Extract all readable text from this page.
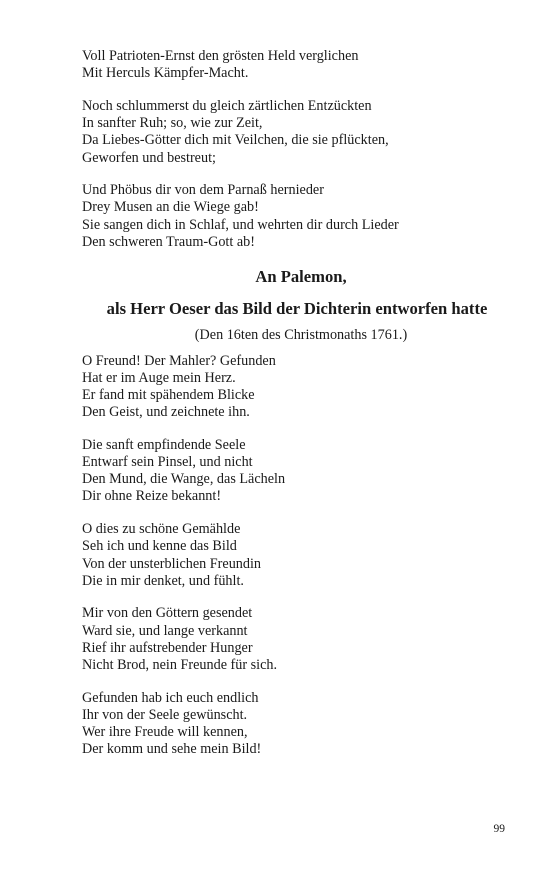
Voll Patrioten-Ernst den grösten Held verglichen
Mit Herculs Kämpfer-Macht.
Noch schlummerst du gleich zärtlichen Entzückten
In sanfter Ruh; so, wie zur Zeit,
Da Liebes-Götter dich mit Veilchen, die sie pflückten,
Geworfen und bestreut;
Und Phöbus dir von dem Parnaß hernieder
Drey Musen an die Wiege gab!
Sie sangen dich in Schlaf, und wehrten dir durch Lieder
Den schweren Traum-Gott ab!
An Palemon,
als Herr Oeser das Bild der Dichterin entworfen hatte
(Den 16ten des Christmonaths 1761.)
O Freund! Der Mahler? Gefunden
Hat er im Auge mein Herz.
Er fand mit spähendem Blicke
Den Geist, und zeichnete ihn.
Die sanft empfindende Seele
Entwarf sein Pinsel, und nicht
Den Mund, die Wange, das Lächeln
Dir ohne Reize bekannt!
O dies zu schöne Gemählde
Seh ich und kenne das Bild
Von der unsterblichen Freundin
Die in mir denket, und fühlt.
Mir von den Göttern gesendet
Ward sie, und lange verkannt
Rief ihr aufstrebender Hunger
Nicht Brod, nein Freunde für sich.
Gefunden hab ich euch endlich
Ihr von der Seele gewünscht.
Wer ihre Freude will kennen,
Der komm und sehe mein Bild!
99
